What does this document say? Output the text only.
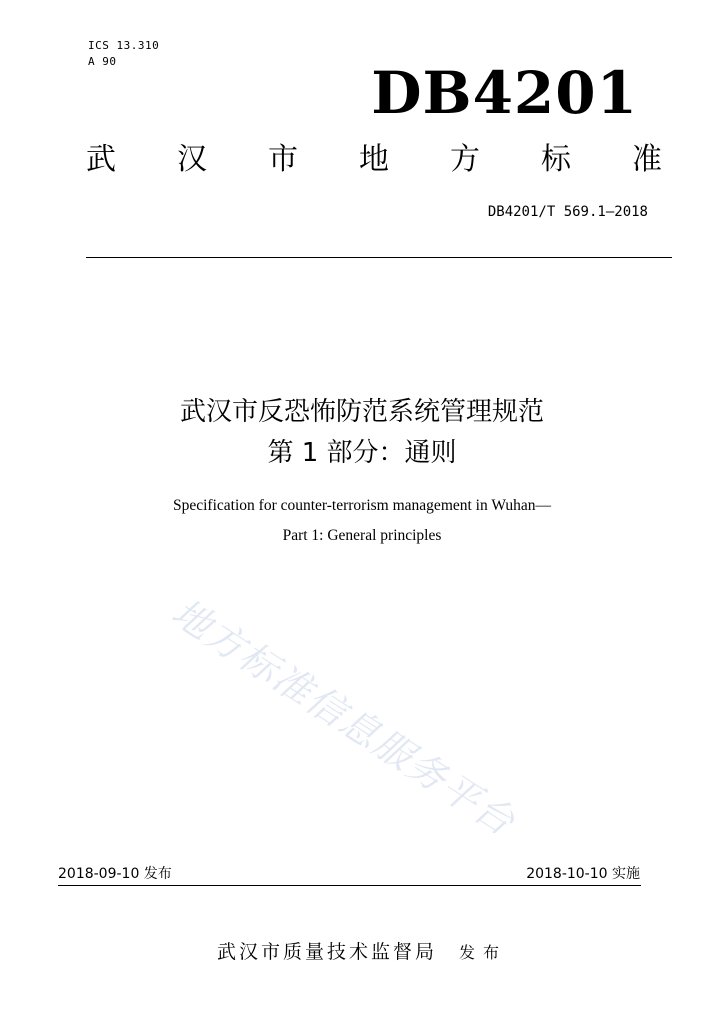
ICS 13.310
A 90	DB4201
武 汉 市 地 方 标 准
DB4201/T 569.1—2018
武汉市反恐怖防范系统管理规范
第 1 部分：通则
Specification for counter-terrorism management in Wuhan—
Part 1: General principles
地方标准信息服务平台
2018-09-10 发布	2018-10-10 实施
武汉市质量技术监督局 发布
